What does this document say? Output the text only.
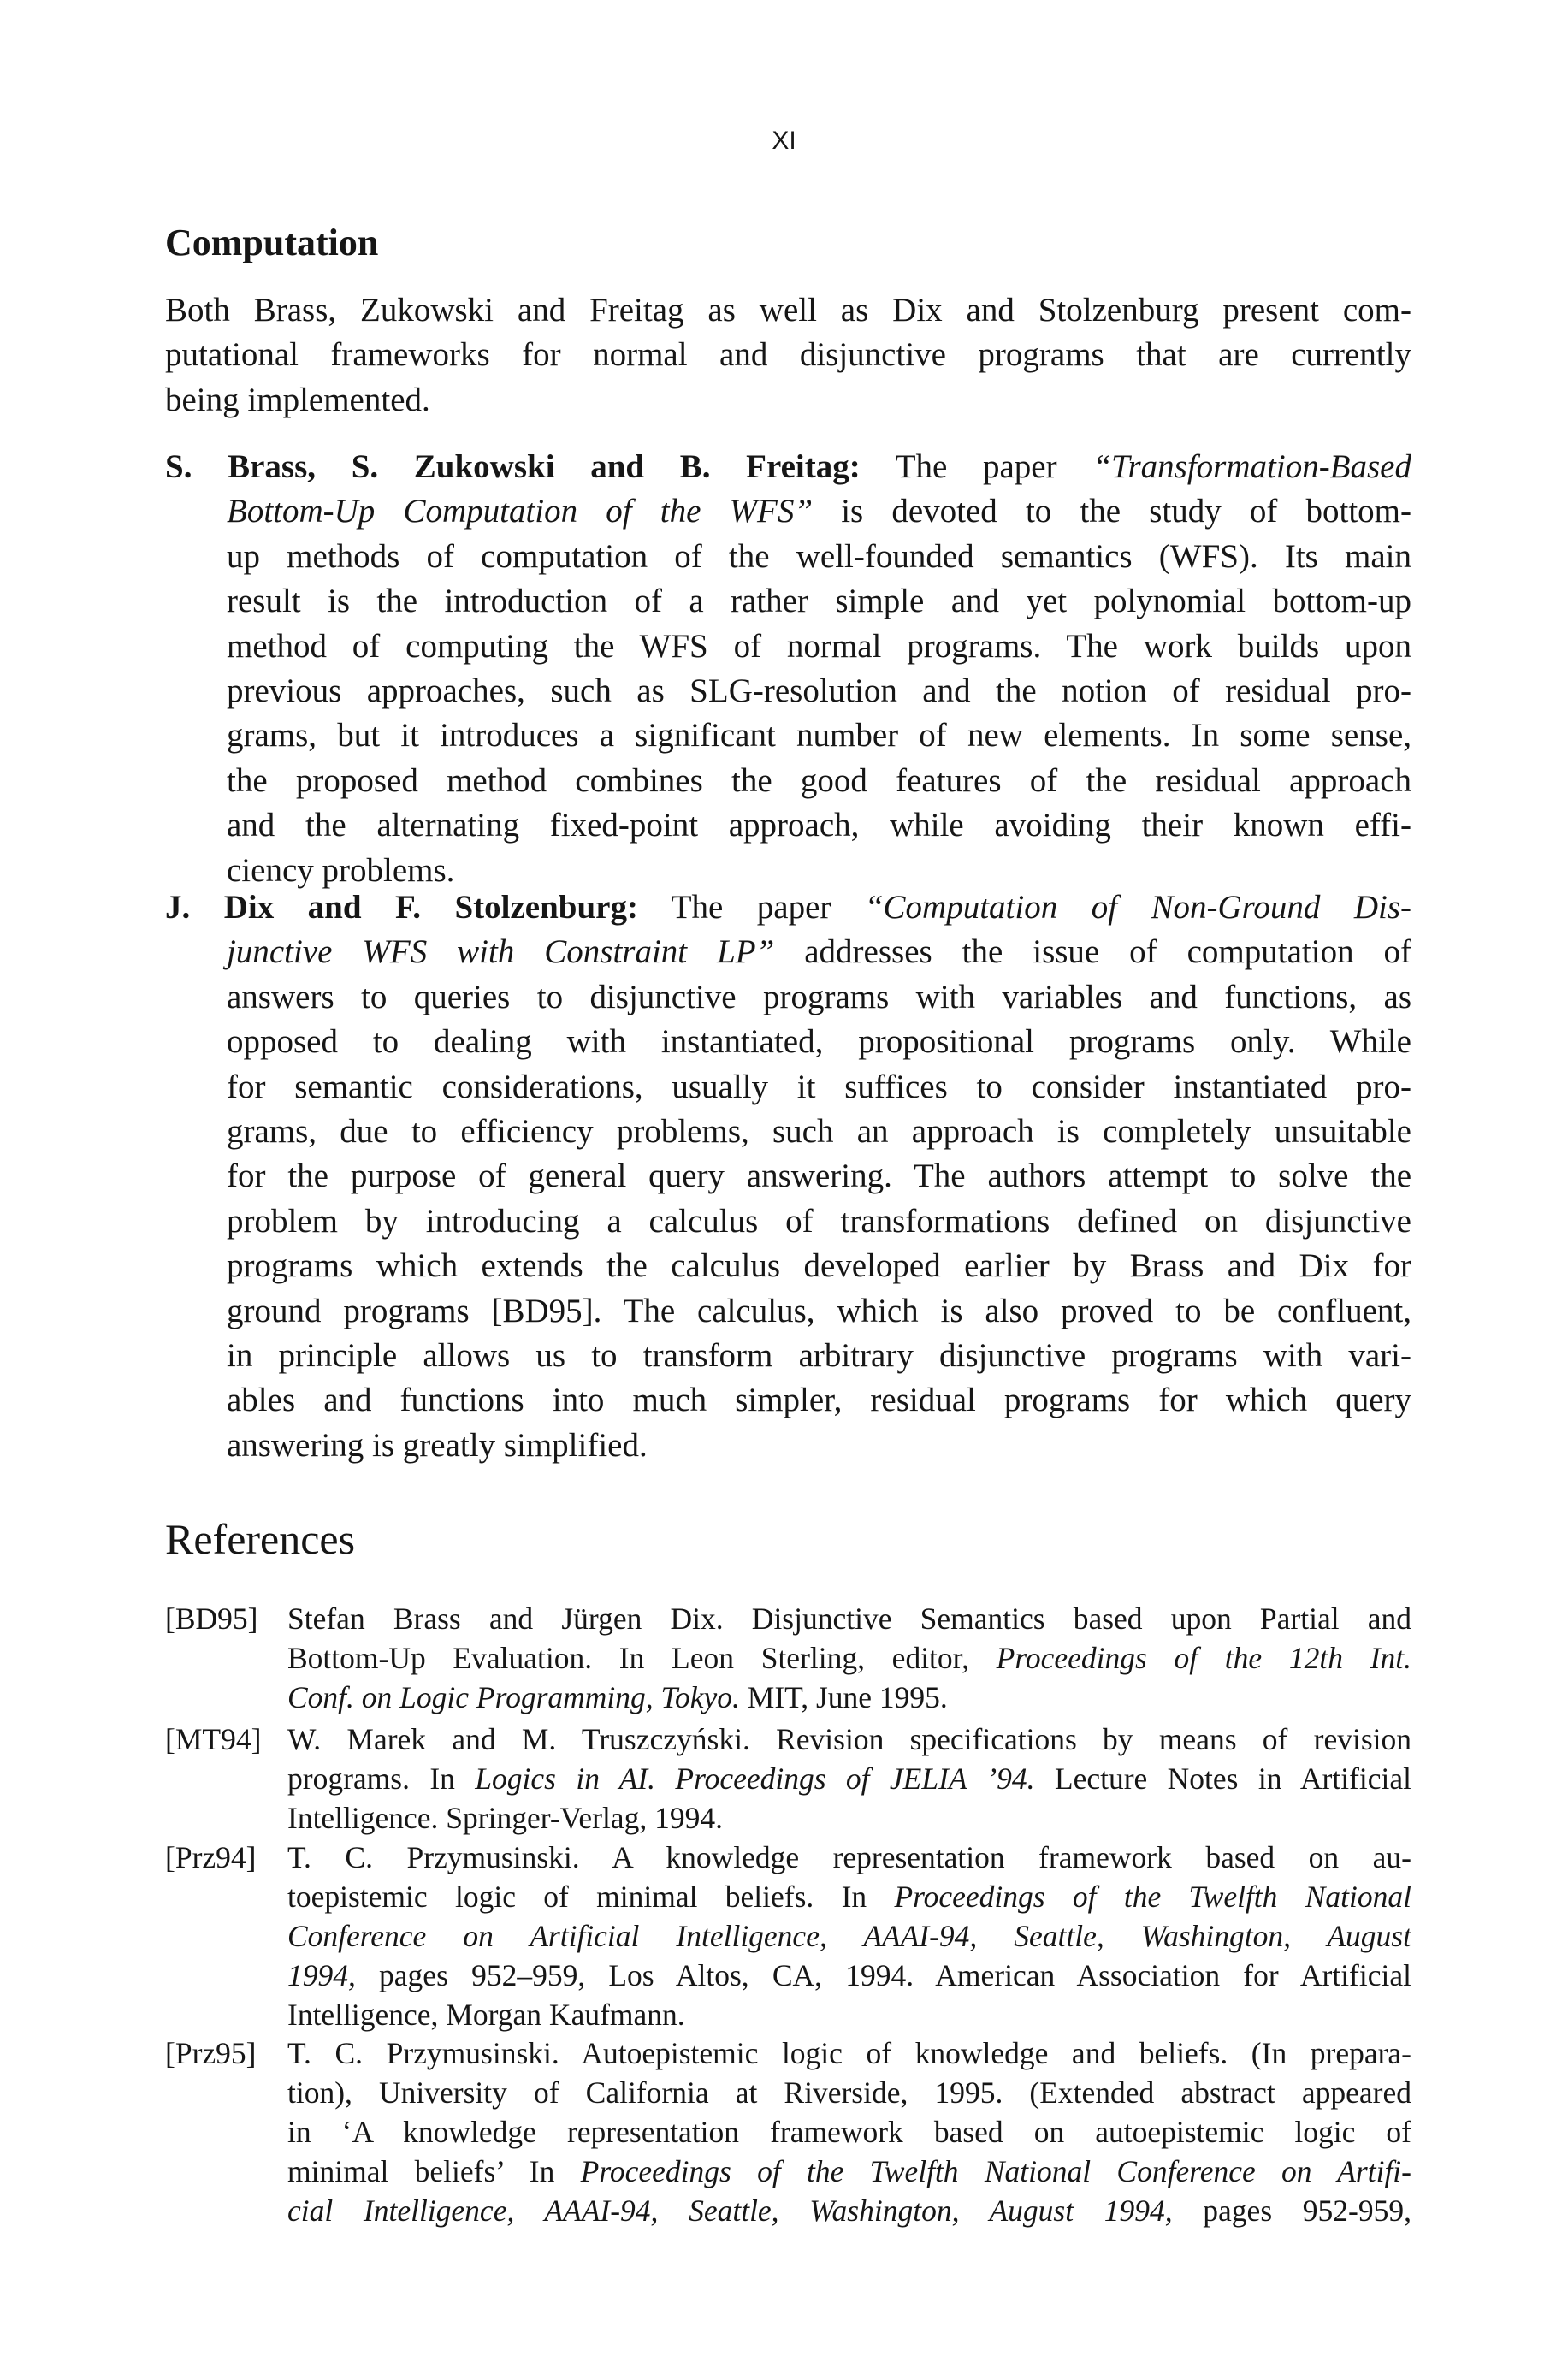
XI
Computation
Both Brass, Zukowski and Freitag as well as Dix and Stolzenburg present com-
putational frameworks for normal and disjunctive programs that are currently
being implemented.
S. Brass, S. Zukowski and B. Freitag: The paper “Transformation-Based
Bottom-Up Computation of the WFS” is devoted to the study of bottom-
up methods of computation of the well-founded semantics (WFS). Its main
result is the introduction of a rather simple and yet polynomial bottom-up
method of computing the WFS of normal programs. The work builds upon
previous approaches, such as SLG-resolution and the notion of residual pro-
grams, but it introduces a significant number of new elements. In some sense,
the proposed method combines the good features of the residual approach
and the alternating fixed-point approach, while avoiding their known effi-
ciency problems.
J. Dix and F. Stolzenburg: The paper “Computation of Non-Ground Dis-
junctive WFS with Constraint LP” addresses the issue of computation of
answers to queries to disjunctive programs with variables and functions, as
opposed to dealing with instantiated, propositional programs only. While
for semantic considerations, usually it suffices to consider instantiated pro-
grams, due to efficiency problems, such an approach is completely unsuitable
for the purpose of general query answering. The authors attempt to solve the
problem by introducing a calculus of transformations defined on disjunctive
programs which extends the calculus developed earlier by Brass and Dix for
ground programs [BD95]. The calculus, which is also proved to be confluent,
in principle allows us to transform arbitrary disjunctive programs with vari-
ables and functions into much simpler, residual programs for which query
answering is greatly simplified.
References
[BD95] Stefan Brass and Jürgen Dix. Disjunctive Semantics based upon Partial and
Bottom-Up Evaluation. In Leon Sterling, editor, Proceedings of the 12th Int.
Conf. on Logic Programming, Tokyo. MIT, June 1995.
[MT94] W. Marek and M. Truszczyński. Revision specifications by means of revision
programs. In Logics in AI. Proceedings of JELIA ’94. Lecture Notes in Artificial
Intelligence. Springer-Verlag, 1994.
[Prz94] T. C. Przymusinski. A knowledge representation framework based on au-
toepistemic logic of minimal beliefs. In Proceedings of the Twelfth National
Conference on Artificial Intelligence, AAAI-94, Seattle, Washington, August
1994, pages 952–959, Los Altos, CA, 1994. American Association for Artificial
Intelligence, Morgan Kaufmann.
[Prz95] T. C. Przymusinski. Autoepistemic logic of knowledge and beliefs. (In prepara-
tion), University of California at Riverside, 1995. (Extended abstract appeared
in ‘A knowledge representation framework based on autoepistemic logic of
minimal beliefs’ In Proceedings of the Twelfth National Conference on Artifi-
cial Intelligence, AAAI-94, Seattle, Washington, August 1994, pages 952-959,
